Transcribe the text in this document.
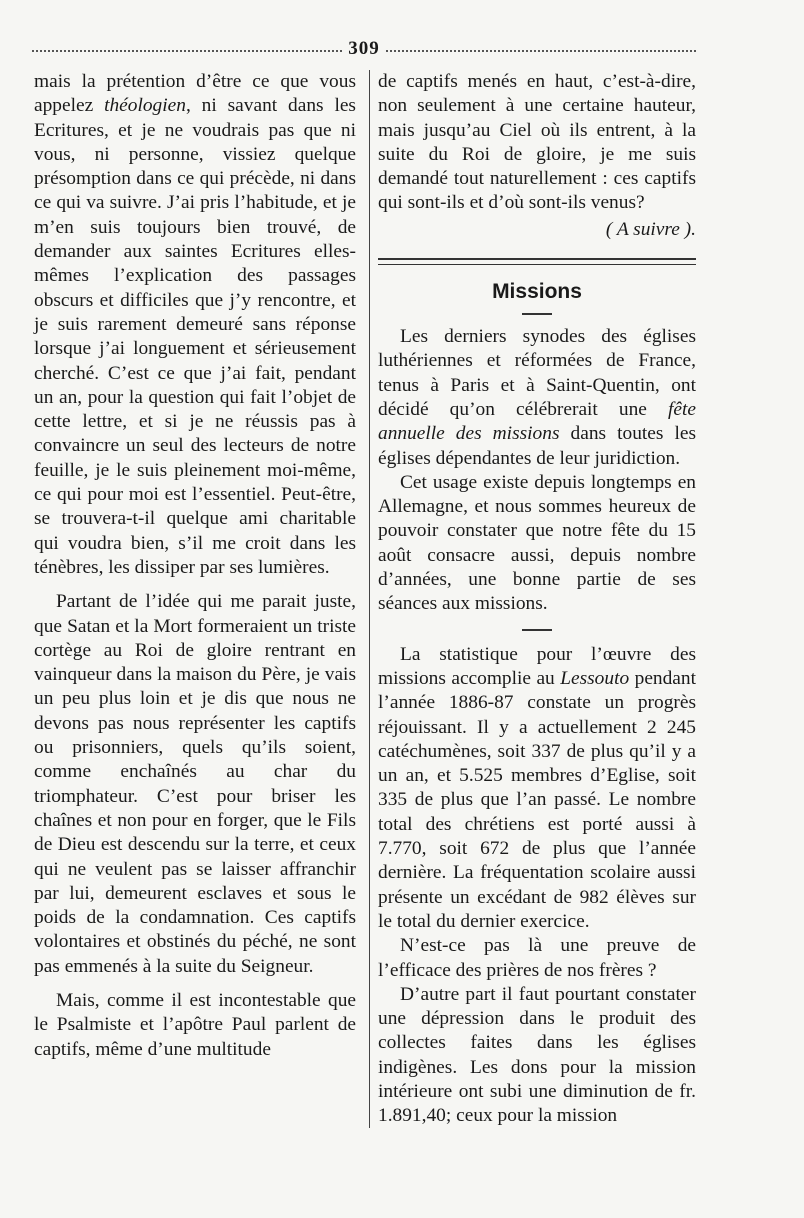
309

mais la prétention d’être ce que vous appelez théologien, ni savant dans les Ecritures, et je ne voudrais pas que ni vous, ni personne, vissiez quelque présomption dans ce qui précède, ni dans ce qui va suivre. J’ai pris l’habitude, et je m’en suis toujours bien trouvé, de demander aux saintes Ecritures elles-mêmes l’explication des passages obscurs et difficiles que j’y rencontre, et je suis rarement demeuré sans réponse lorsque j’ai longuement et sérieusement cherché. C’est ce que j’ai fait, pendant un an, pour la question qui fait l’objet de cette lettre, et si je ne réussis pas à convaincre un seul des lecteurs de notre feuille, je le suis pleinement moi-même, ce qui pour moi est l’essentiel. Peut-être, se trouvera-t-il quelque ami charitable qui voudra bien, s’il me croit dans les ténèbres, les dissiper par ses lumières.

Partant de l’idée qui me parait juste, que Satan et la Mort formeraient un triste cortège au Roi de gloire rentrant en vainqueur dans la maison du Père, je vais un peu plus loin et je dis que nous ne devons pas nous représenter les captifs ou prisonniers, quels qu’ils soient, comme enchaînés au char du triomphateur. C’est pour briser les chaînes et non pour en forger, que le Fils de Dieu est descendu sur la terre, et ceux qui ne veulent pas se laisser affranchir par lui, demeurent esclaves et sous le poids de la condamnation. Ces captifs volontaires et obstinés du péché, ne sont pas emmenés à la suite du Seigneur.

Mais, comme il est incontestable que le Psalmiste et l’apôtre Paul parlent de captifs, même d’une multitude

de captifs menés en haut, c’est-à-dire, non seulement à une certaine hauteur, mais jusqu’au Ciel où ils entrent, à la suite du Roi de gloire, je me suis demandé tout naturellement : ces captifs qui sont-ils et d’où sont-ils venus?

( A suivre ).

Missions

Les derniers synodes des églises luthériennes et réformées de France, tenus à Paris et à Saint-Quentin, ont décidé qu’on célébrerait une fête annuelle des missions dans toutes les églises dépendantes de leur juridiction.

Cet usage existe depuis longtemps en Allemagne, et nous sommes heureux de pouvoir constater que notre fête du 15 août consacre aussi, depuis nombre d’années, une bonne partie de ses séances aux missions.

La statistique pour l’œuvre des missions accomplie au Lessouto pendant l’année 1886-87 constate un progrès réjouissant. Il y a actuellement 2 245 catéchumènes, soit 337 de plus qu’il y a un an, et 5.525 membres d’Eglise, soit 335 de plus que l’an passé. Le nombre total des chrétiens est porté aussi à 7.770, soit 672 de plus que l’année dernière. La fréquentation scolaire aussi présente un excédant de 982 élèves sur le total du dernier exercice.

N’est-ce pas là une preuve de l’efficace des prières de nos frères ?

D’autre part il faut pourtant constater une dépression dans le produit des collectes faites dans les églises indigènes. Les dons pour la mission intérieure ont subi une diminution de fr. 1.891,40; ceux pour la mission
